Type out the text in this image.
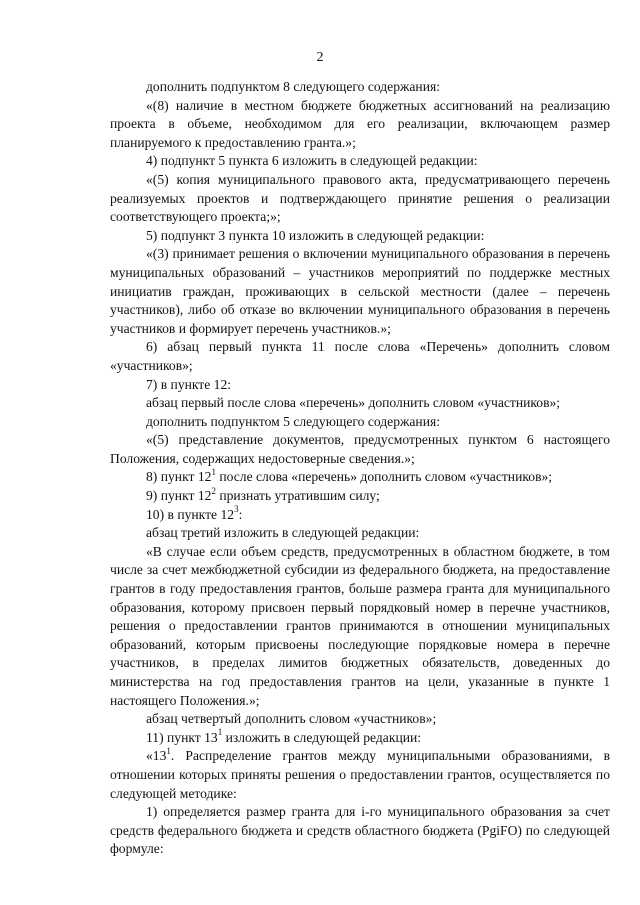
2

дополнить подпунктом 8 следующего содержания:

«(8) наличие в местном бюджете бюджетных ассигнований на реализацию проекта в объеме, необходимом для его реализации, включающем размер планируемого к предоставлению гранта.»;

4) подпункт 5 пункта 6 изложить в следующей редакции:

«(5) копия муниципального правового акта, предусматривающего перечень реализуемых проектов и подтверждающего принятие решения о реализации соответствующего проекта;»;

5) подпункт 3 пункта 10 изложить в следующей редакции:

«(3) принимает решения о включении муниципального образования в перечень муниципальных образований – участников мероприятий по поддержке местных инициатив граждан, проживающих в сельской местности (далее – перечень участников), либо об отказе во включении муниципального образования в перечень участников и формирует перечень участников.»;

6) абзац первый пункта 11 после слова «Перечень» дополнить словом «участников»;

7) в пункте 12:

абзац первый после слова «перечень» дополнить словом «участников»;

дополнить подпунктом 5 следующего содержания:

«(5) представление документов, предусмотренных пунктом 6 настоящего Положения, содержащих недостоверные сведения.»;

8) пункт $12^1$ после слова «перечень» дополнить словом «участников»;

9) пункт $12^2$ признать утратившим силу;

10) в пункте $12^3$:

абзац третий изложить в следующей редакции:

«В случае если объем средств, предусмотренных в областном бюджете, в том числе за счет межбюджетной субсидии из федерального бюджета, на предоставление грантов в году предоставления грантов, больше размера гранта для муниципального образования, которому присвоен первый порядковый номер в перечне участников, решения о предоставлении грантов принимаются в отношении муниципальных образований, которым присвоены последующие порядковые номера в перечне участников, в пределах лимитов бюджетных обязательств, доведенных до министерства на год предоставления грантов на цели, указанные в пункте 1 настоящего Положения.»;

абзац четвертый дополнить словом «участников»;

11) пункт $13^1$ изложить в следующей редакции:

«$13^1$. Распределение грантов между муниципальными образованиями, в отношении которых приняты решения о предоставлении грантов, осуществляется по следующей методике:

1) определяется размер гранта для i-го муниципального образования за счет средств федерального бюджета и средств областного бюджета (PgiFO) по следующей формуле:
